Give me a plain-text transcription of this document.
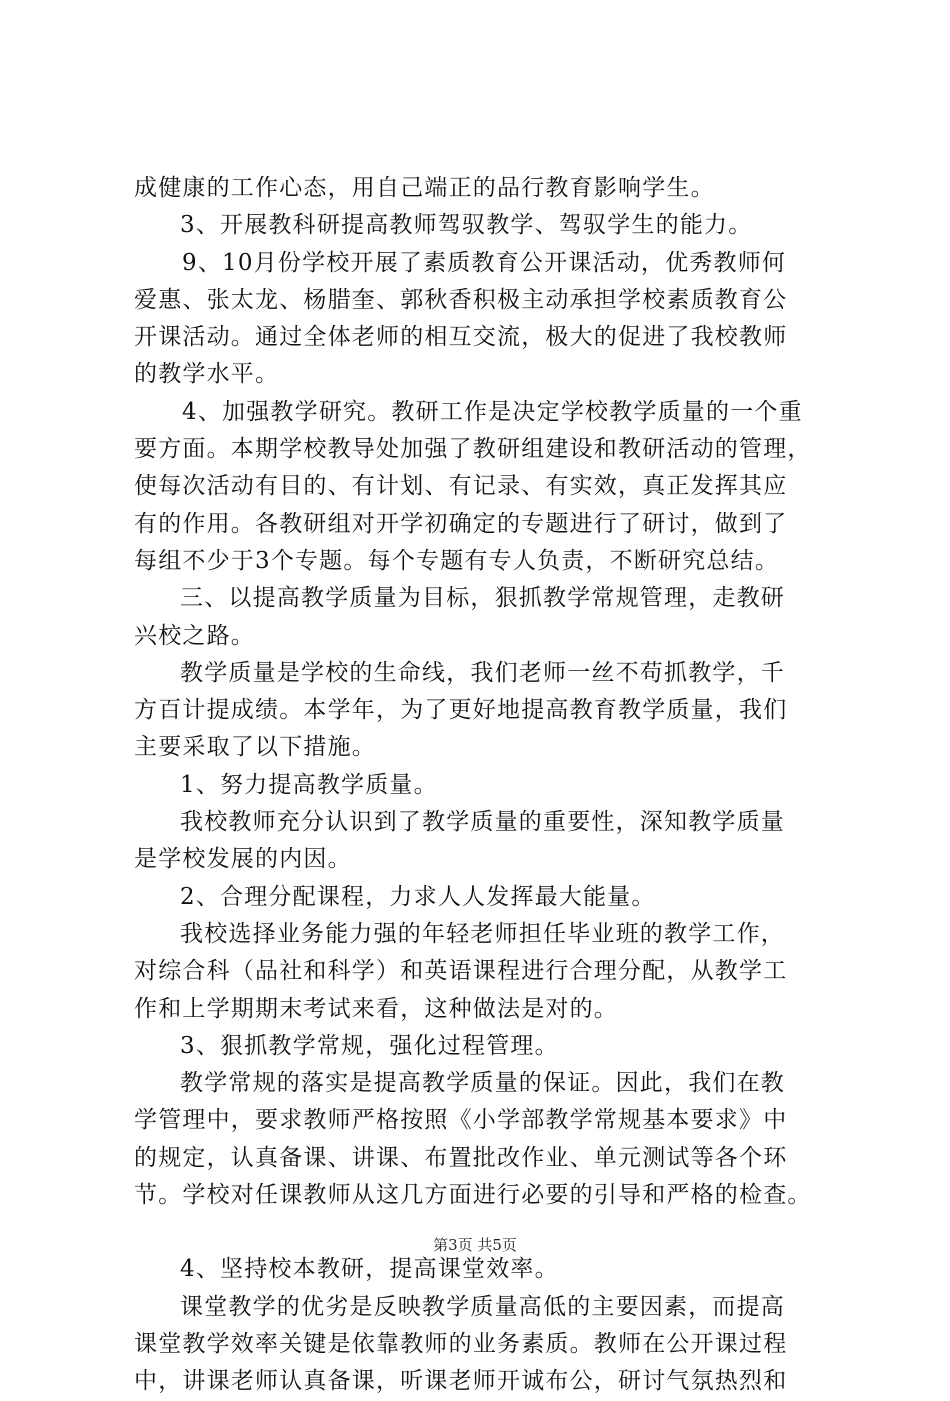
成健康的工作心态，用自己端正的品行教育影响学生。
3、开展教科研提高教师驾驭教学、驾驭学生的能力。
9、10月份学校开展了素质教育公开课活动，优秀教师何
爱惠、张太龙、杨腊奎、郭秋香积极主动承担学校素质教育公
开课活动。通过全体老师的相互交流，极大的促进了我校教师
的教学水平。
4、加强教学研究。教研工作是决定学校教学质量的一个重
要方面。本期学校教导处加强了教研组建设和教研活动的管理，
使每次活动有目的、有计划、有记录、有实效，真正发挥其应
有的作用。各教研组对开学初确定的专题进行了研讨，做到了
每组不少于3个专题。每个专题有专人负责，不断研究总结。
三、以提高教学质量为目标，狠抓教学常规管理，走教研
兴校之路。
教学质量是学校的生命线，我们老师一丝不苟抓教学，千
方百计提成绩。本学年，为了更好地提高教育教学质量，我们
主要采取了以下措施。
1、努力提高教学质量。
我校教师充分认识到了教学质量的重要性，深知教学质量
是学校发展的内因。
2、合理分配课程，力求人人发挥最大能量。
我校选择业务能力强的年轻老师担任毕业班的教学工作，
对综合科（品社和科学）和英语课程进行合理分配，从教学工
作和上学期期末考试来看，这种做法是对的。
3、狠抓教学常规，强化过程管理。
教学常规的落实是提高教学质量的保证。因此，我们在教
学管理中，要求教师严格按照《小学部教学常规基本要求》中
的规定，认真备课、讲课、布置批改作业、单元测试等各个环
节。学校对任课教师从这几方面进行必要的引导和严格的检查。
4、坚持校本教研，提高课堂效率。
课堂教学的优劣是反映教学质量高低的主要因素，而提高
课堂教学效率关键是依靠教师的业务素质。教师在公开课过程
中，讲课老师认真备课，听课老师开诚布公，研讨气氛热烈和
第3页 共5页
